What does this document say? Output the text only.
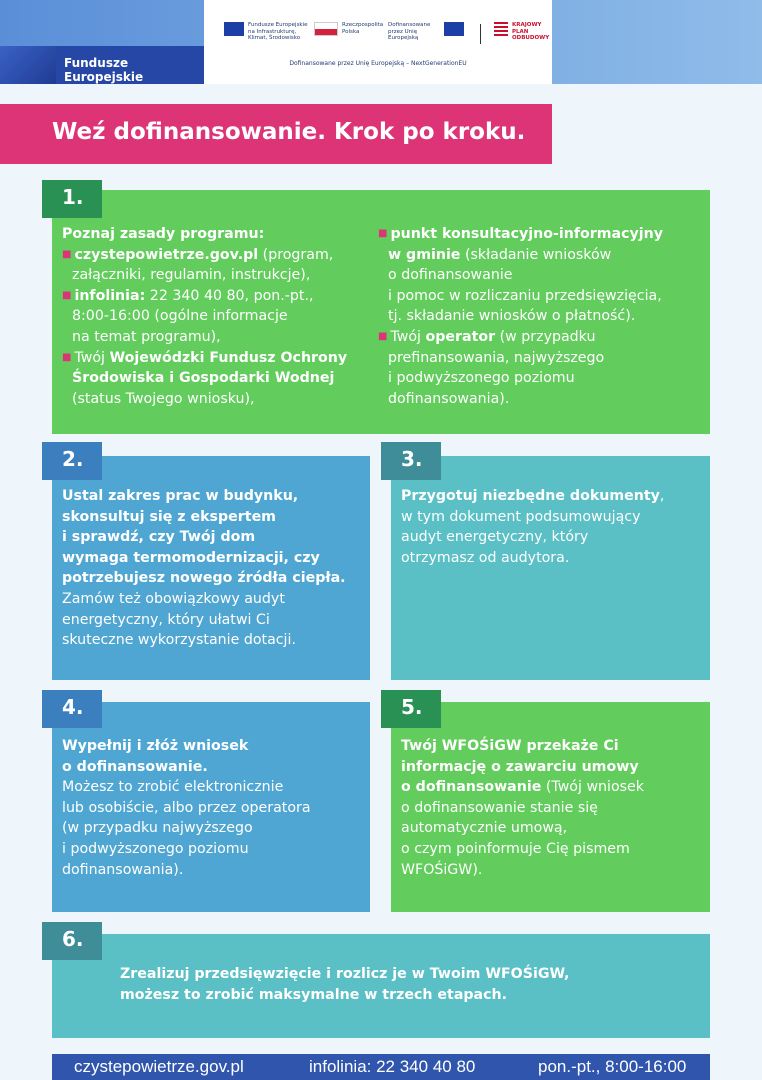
Fundusze Europejskie
Fundusze Europejskie na Infrastrukturę, Klimat, Środowisko
Rzeczpospolita Polska
Dofinansowane przez Unię Europejską
KRAJOWY PLAN ODBUDOWY
Dofinansowane przez Unię Europejską – NextGenerationEU
Weź dofinansowanie. Krok po kroku.
Poznaj zasady programu:
■ czystepowietrze.gov.pl (program,
załączniki, regulamin, instrukcje),
■ infolinia: 22 340 40 80, pon.-pt.,
8:00-16:00 (ogólne informacje
na temat programu),
■ Twój Wojewódzki Fundusz Ochrony
Środowiska i Gospodarki Wodnej
(status Twojego wniosku),
■ punkt konsultacyjno-informacyjny
w gminie (składanie wniosków
o dofinansowanie
i pomoc w rozliczaniu przedsięwzięcia,
tj. składanie wniosków o płatność).
■ Twój operator (w przypadku
prefinansowania, najwyższego
i podwyższonego poziomu
dofinansowania).
1.
Ustal zakres prac w budynku,
skonsultuj się z ekspertem
i sprawdź, czy Twój dom
wymaga termomodernizacji, czy
potrzebujesz nowego źródła ciepła.
Zamów też obowiązkowy audyt
energetyczny, który ułatwi Ci
skuteczne wykorzystanie dotacji.
2.
Przygotuj niezbędne dokumenty,
w tym dokument podsumowujący
audyt energetyczny, który
otrzymasz od audytora.
3.
Wypełnij i złóż wniosek
o dofinansowanie.
Możesz to zrobić elektronicznie
lub osobiście, albo przez operatora
(w przypadku najwyższego
i podwyższonego poziomu
dofinansowania).
4.
Twój WFOŚiGW przekaże Ci
informację o zawarciu umowy
o dofinansowanie (Twój wniosek
o dofinansowanie stanie się
automatycznie umową,
o czym poinformuje Cię pismem
WFOŚiGW).
5.
Zrealizuj przedsięwzięcie i rozlicz je w Twoim WFOŚiGW,
możesz to zrobić maksymalne w trzech etapach.
6.
czystepowietrze.gov.pl	infolinia: 22 340 40 80	pon.-pt., 8:00-16:00
